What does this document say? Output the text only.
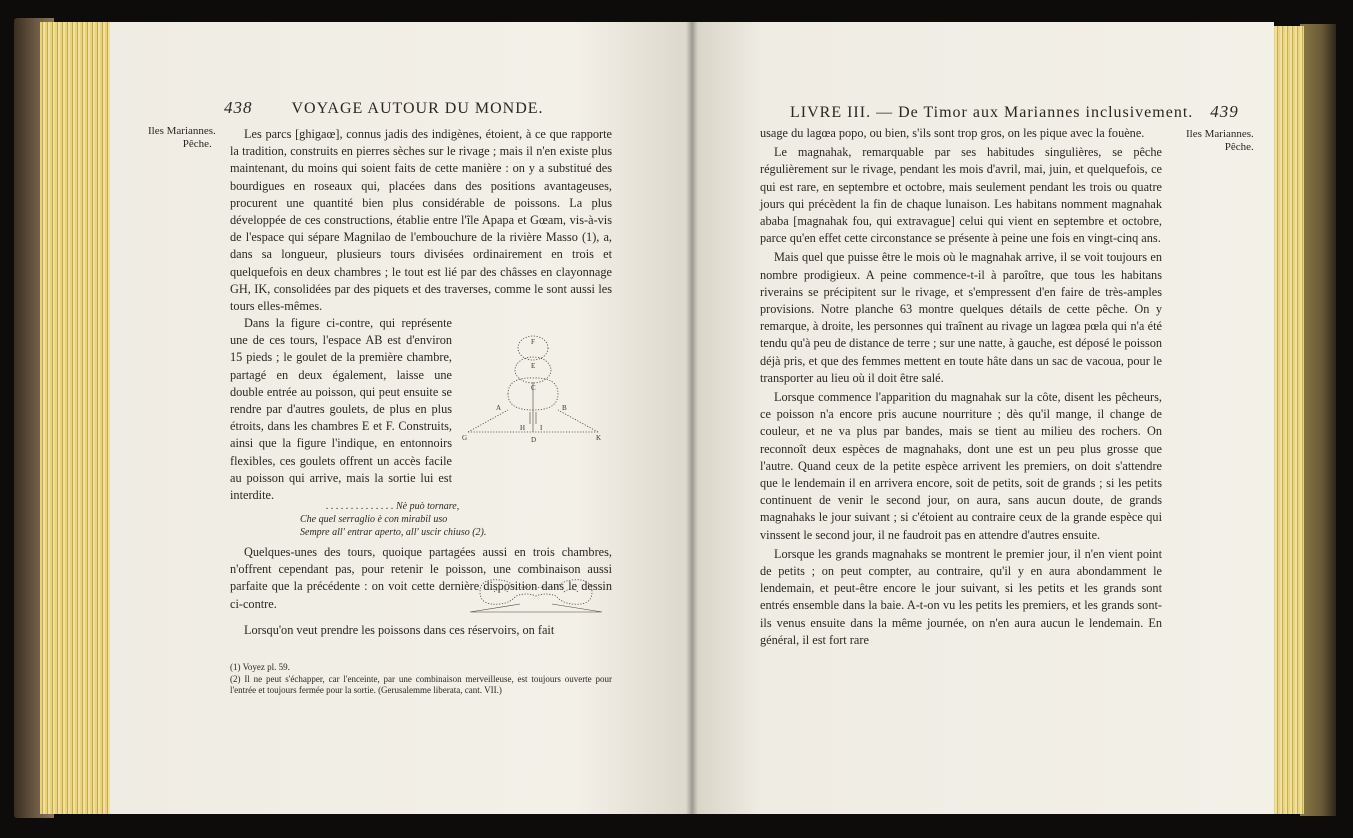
438 VOYAGE AUTOUR DU MONDE.
Iles Mariannes.
Pêche.

Les parcs [ghigaœ], connus jadis des indigènes, étoient, à ce que rapporte la tradition, construits en pierres sèches sur le rivage ; mais il n'en existe plus maintenant, du moins qui soient faits de cette manière : on y a substitué des bourdigues en roseaux qui, placées dans des positions avantageuses, procurent une quantité bien plus considérable de poissons. La plus développée de ces constructions, établie entre l'île Apapa et Gœam, vis-à-vis de l'espace qui sépare Magnilao de l'embouchure de la rivière Masso (1), a, dans sa longueur, plusieurs tours divisées ordinairement en trois et quelquefois en deux chambres ; le tout est lié par des châsses en clayonnage GH, IK, consolidées par des piquets et des traverses, comme le sont aussi les tours elles-mêmes.

Dans la figure ci-contre, qui représente une de ces tours, l'espace AB est d'environ 15 pieds ; le goulet de la première chambre, partagé en deux également, laisse une double entrée au poisson, qui peut ensuite se rendre par d'autres goulets, de plus en plus étroits, dans les chambres E et F. Construits, ainsi que la figure l'indique, en entonnoirs flexibles, ces goulets offrent un accès facile au poisson qui arrive, mais la sortie lui est interdite.

F
E
C
A	B
G
H I
K
D
. . . . . . . . . . . . . . Nè può tornare,
Che quel serraglio è con mirabil uso
Sempre all' entrar aperto, all' uscir chiuso (2).

Quelques-unes des tours, quoique partagées aussi en trois chambres, n'offrent cependant pas, pour retenir le poisson, une combinaison aussi parfaite que la précédente : on voit cette dernière disposition dans le dessin ci-contre.

Lorsqu'on veut prendre les poissons dans ces réservoirs, on fait

(1) Voyez pl. 59.

(2) Il ne peut s'échapper, car l'enceinte, par une combinaison merveilleuse, est toujours ouverte pour l'entrée et toujours fermée pour la sortie. (Gerusalemme liberata, cant. VII.)

LIVRE III. — De Timor aux Mariannes inclusivement. 439
Iles Mariannes.
Pêche.

usage du lagœa popo, ou bien, s'ils sont trop gros, on les pique avec la fouène.

Le magnahak, remarquable par ses habitudes singulières, se pêche régulièrement sur le rivage, pendant les mois d'avril, mai, juin, et quelquefois, ce qui est rare, en septembre et octobre, mais seulement pendant les trois ou quatre jours qui précèdent la fin de chaque lunaison. Les habitans nomment magnahak ababa [magnahak fou, qui extravague] celui qui vient en septembre et octobre, parce qu'en effet cette circonstance se présente à peine une fois en vingt-cinq ans.

Mais quel que puisse être le mois où le magnahak arrive, il se voit toujours en nombre prodigieux. A peine commence-t-il à paroître, que tous les habitans riverains se précipitent sur le rivage, et s'empressent d'en faire de très-amples provisions. Notre planche 63 montre quelques détails de cette pêche. On y remarque, à droite, les personnes qui traînent au rivage un lagœa pœla qui n'a été tendu qu'à peu de distance de terre ; sur une natte, à gauche, est déposé le poisson déjà pris, et que des femmes mettent en toute hâte dans un sac de vacoua, pour le transporter au lieu où il doit être salé.

Lorsque commence l'apparition du magnahak sur la côte, disent les pêcheurs, ce poisson n'a encore pris aucune nourriture ; dès qu'il mange, il change de couleur, et ne va plus par bandes, mais se tient au milieu des rochers. On reconnoît deux espèces de magnahaks, dont une est un peu plus grosse que l'autre. Quand ceux de la petite espèce arrivent les premiers, on doit s'attendre que le lendemain il en arrivera encore, soit de petits, soit de grands ; si les petits continuent de venir le second jour, on aura, sans aucun doute, de grands magnahaks le jour suivant ; si c'étoient au contraire ceux de la grande espèce qui vinssent le second jour, il ne faudroit pas en attendre d'autres ensuite.

Lorsque les grands magnahaks se montrent le premier jour, il n'en vient point de petits ; on peut compter, au contraire, qu'il y en aura abondamment le lendemain, et peut-être encore le jour suivant, si les petits et les grands sont entrés ensemble dans la baie. A-t-on vu les petits les premiers, et les grands sont-ils venus ensuite dans la même journée, on n'en aura aucun le lendemain. En général, il est fort rare
